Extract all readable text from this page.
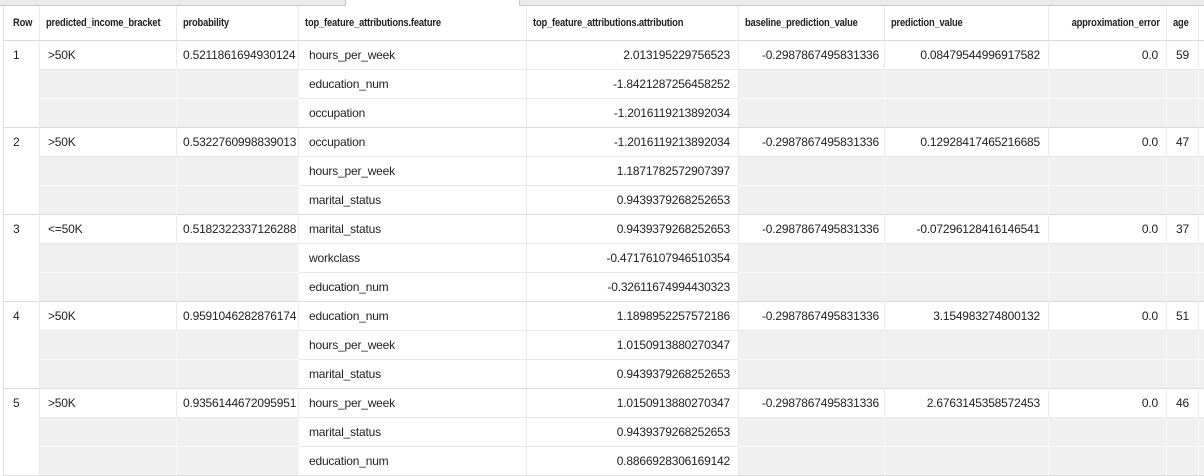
Row	predicted_income_bracket	probability	top_feature_attributions.feature	top_feature_attributions.attribution	baseline_prediction_value	prediction_value	approximation_error	age	
1	>50K	0.5211861694930124	hours_per_week	2.013195229756523	-0.2987867495831336	0.08479544996917582	0.0	59	
			education_num	-1.8421287256458252					
			occupation	-1.2016119213892034					
2	>50K	0.5322760998839013	occupation	-1.2016119213892034	-0.2987867495831336	0.12928417465216685	0.0	47	
			hours_per_week	1.1871782572907397					
			marital_status	0.9439379268252653					
3	<=50K	0.5182322337126288	marital_status	0.9439379268252653	-0.2987867495831336	-0.07296128416146541	0.0	37	
			workclass	-0.47176107946510354					
			education_num	-0.32611674994430323					
4	>50K	0.9591046282876174	education_num	1.1898952257572186	-0.2987867495831336	3.154983274800132	0.0	51	
			hours_per_week	1.0150913880270347					
			marital_status	0.9439379268252653					
5	>50K	0.9356144672095951	hours_per_week	1.0150913880270347	-0.2987867495831336	2.6763145358572453	0.0	46	
			marital_status	0.9439379268252653					
			education_num	0.8866928306169142					
